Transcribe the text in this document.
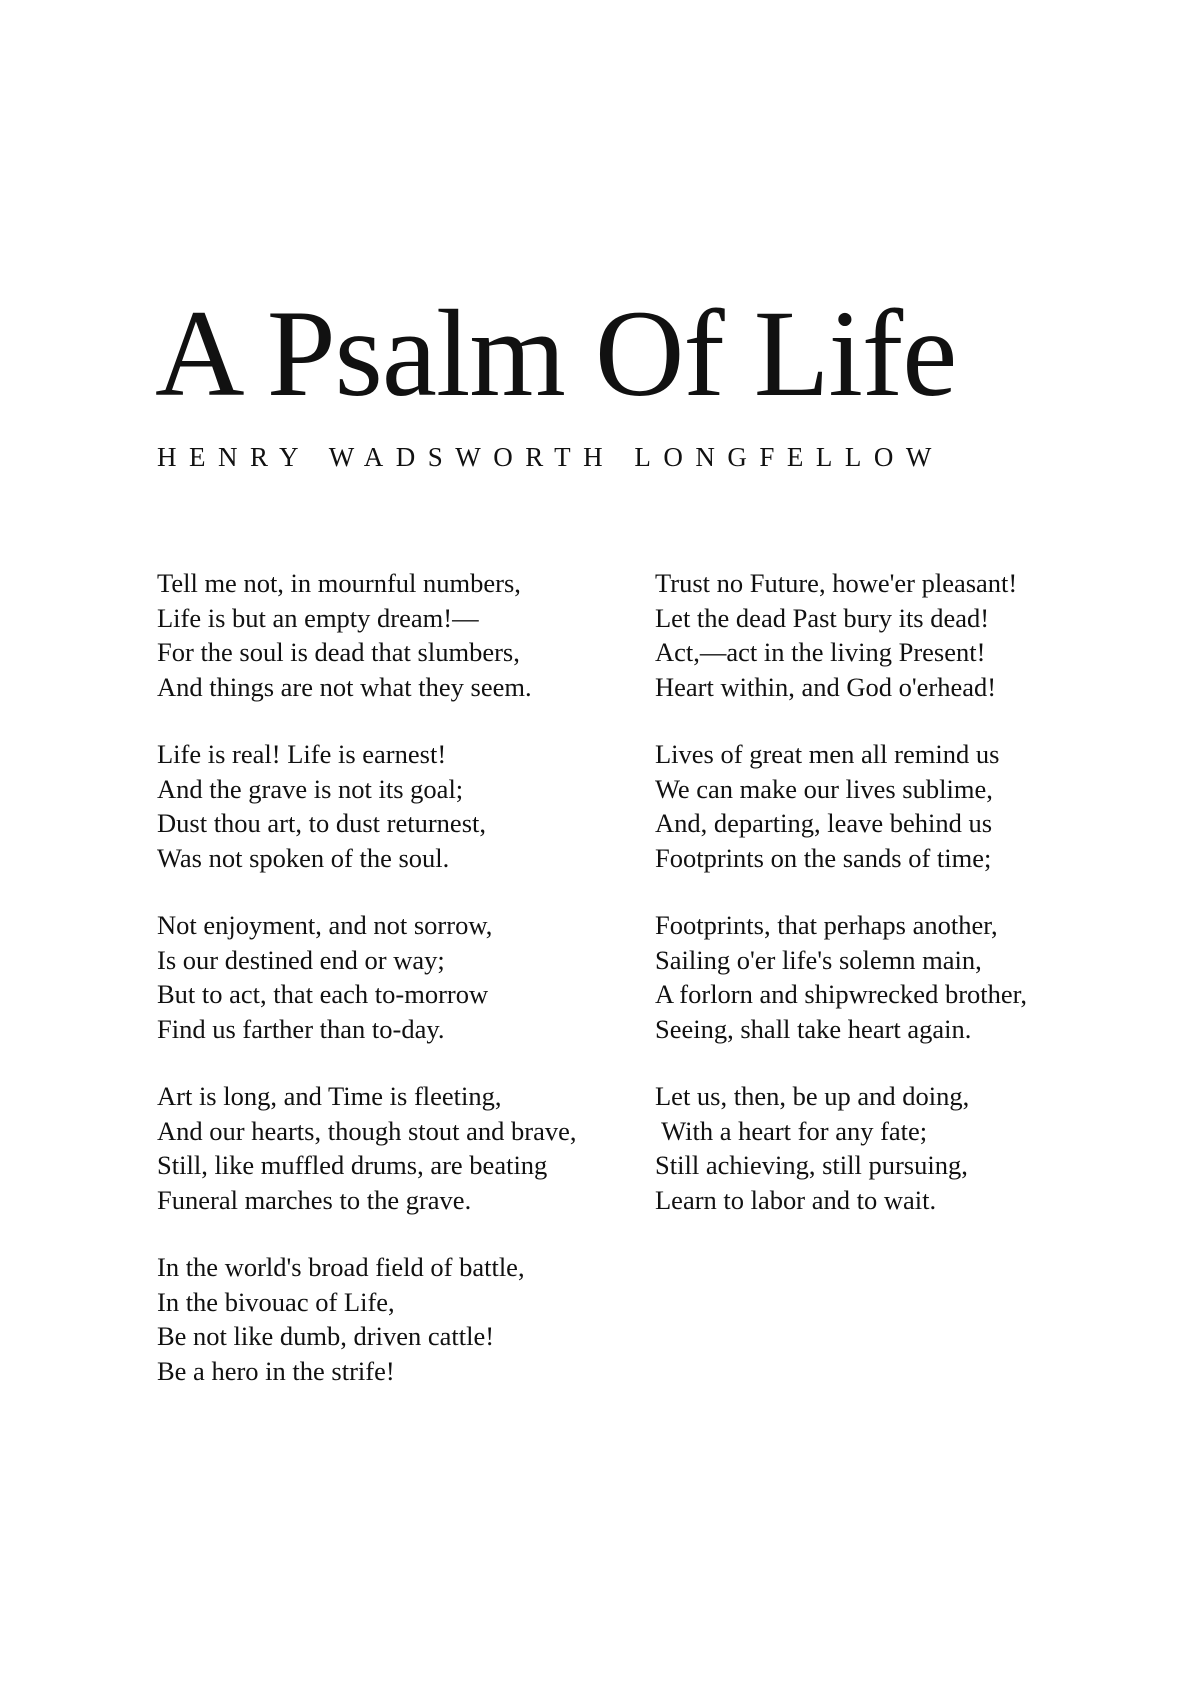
A Psalm Of Life
HENRY WADSWORTH LONGFELLOW
Tell me not, in mournful numbers,
Life is but an empty dream!—
For the soul is dead that slumbers,
And things are not what they seem.
Life is real! Life is earnest!
And the grave is not its goal;
Dust thou art, to dust returnest,
Was not spoken of the soul.
Not enjoyment, and not sorrow,
Is our destined end or way;
But to act, that each to-morrow
Find us farther than to-day.
Art is long, and Time is fleeting,
And our hearts, though stout and brave,
Still, like muffled drums, are beating
Funeral marches to the grave.
In the world's broad field of battle,
In the bivouac of Life,
Be not like dumb, driven cattle!
Be a hero in the strife!
Trust no Future, howe'er pleasant!
Let the dead Past bury its dead!
Act,—act in the living Present!
Heart within, and God o'erhead!
Lives of great men all remind us
We can make our lives sublime,
And, departing, leave behind us
Footprints on the sands of time;
Footprints, that perhaps another,
Sailing o'er life's solemn main,
A forlorn and shipwrecked brother,
Seeing, shall take heart again.
Let us, then, be up and doing,
With a heart for any fate;
Still achieving, still pursuing,
Learn to labor and to wait.
